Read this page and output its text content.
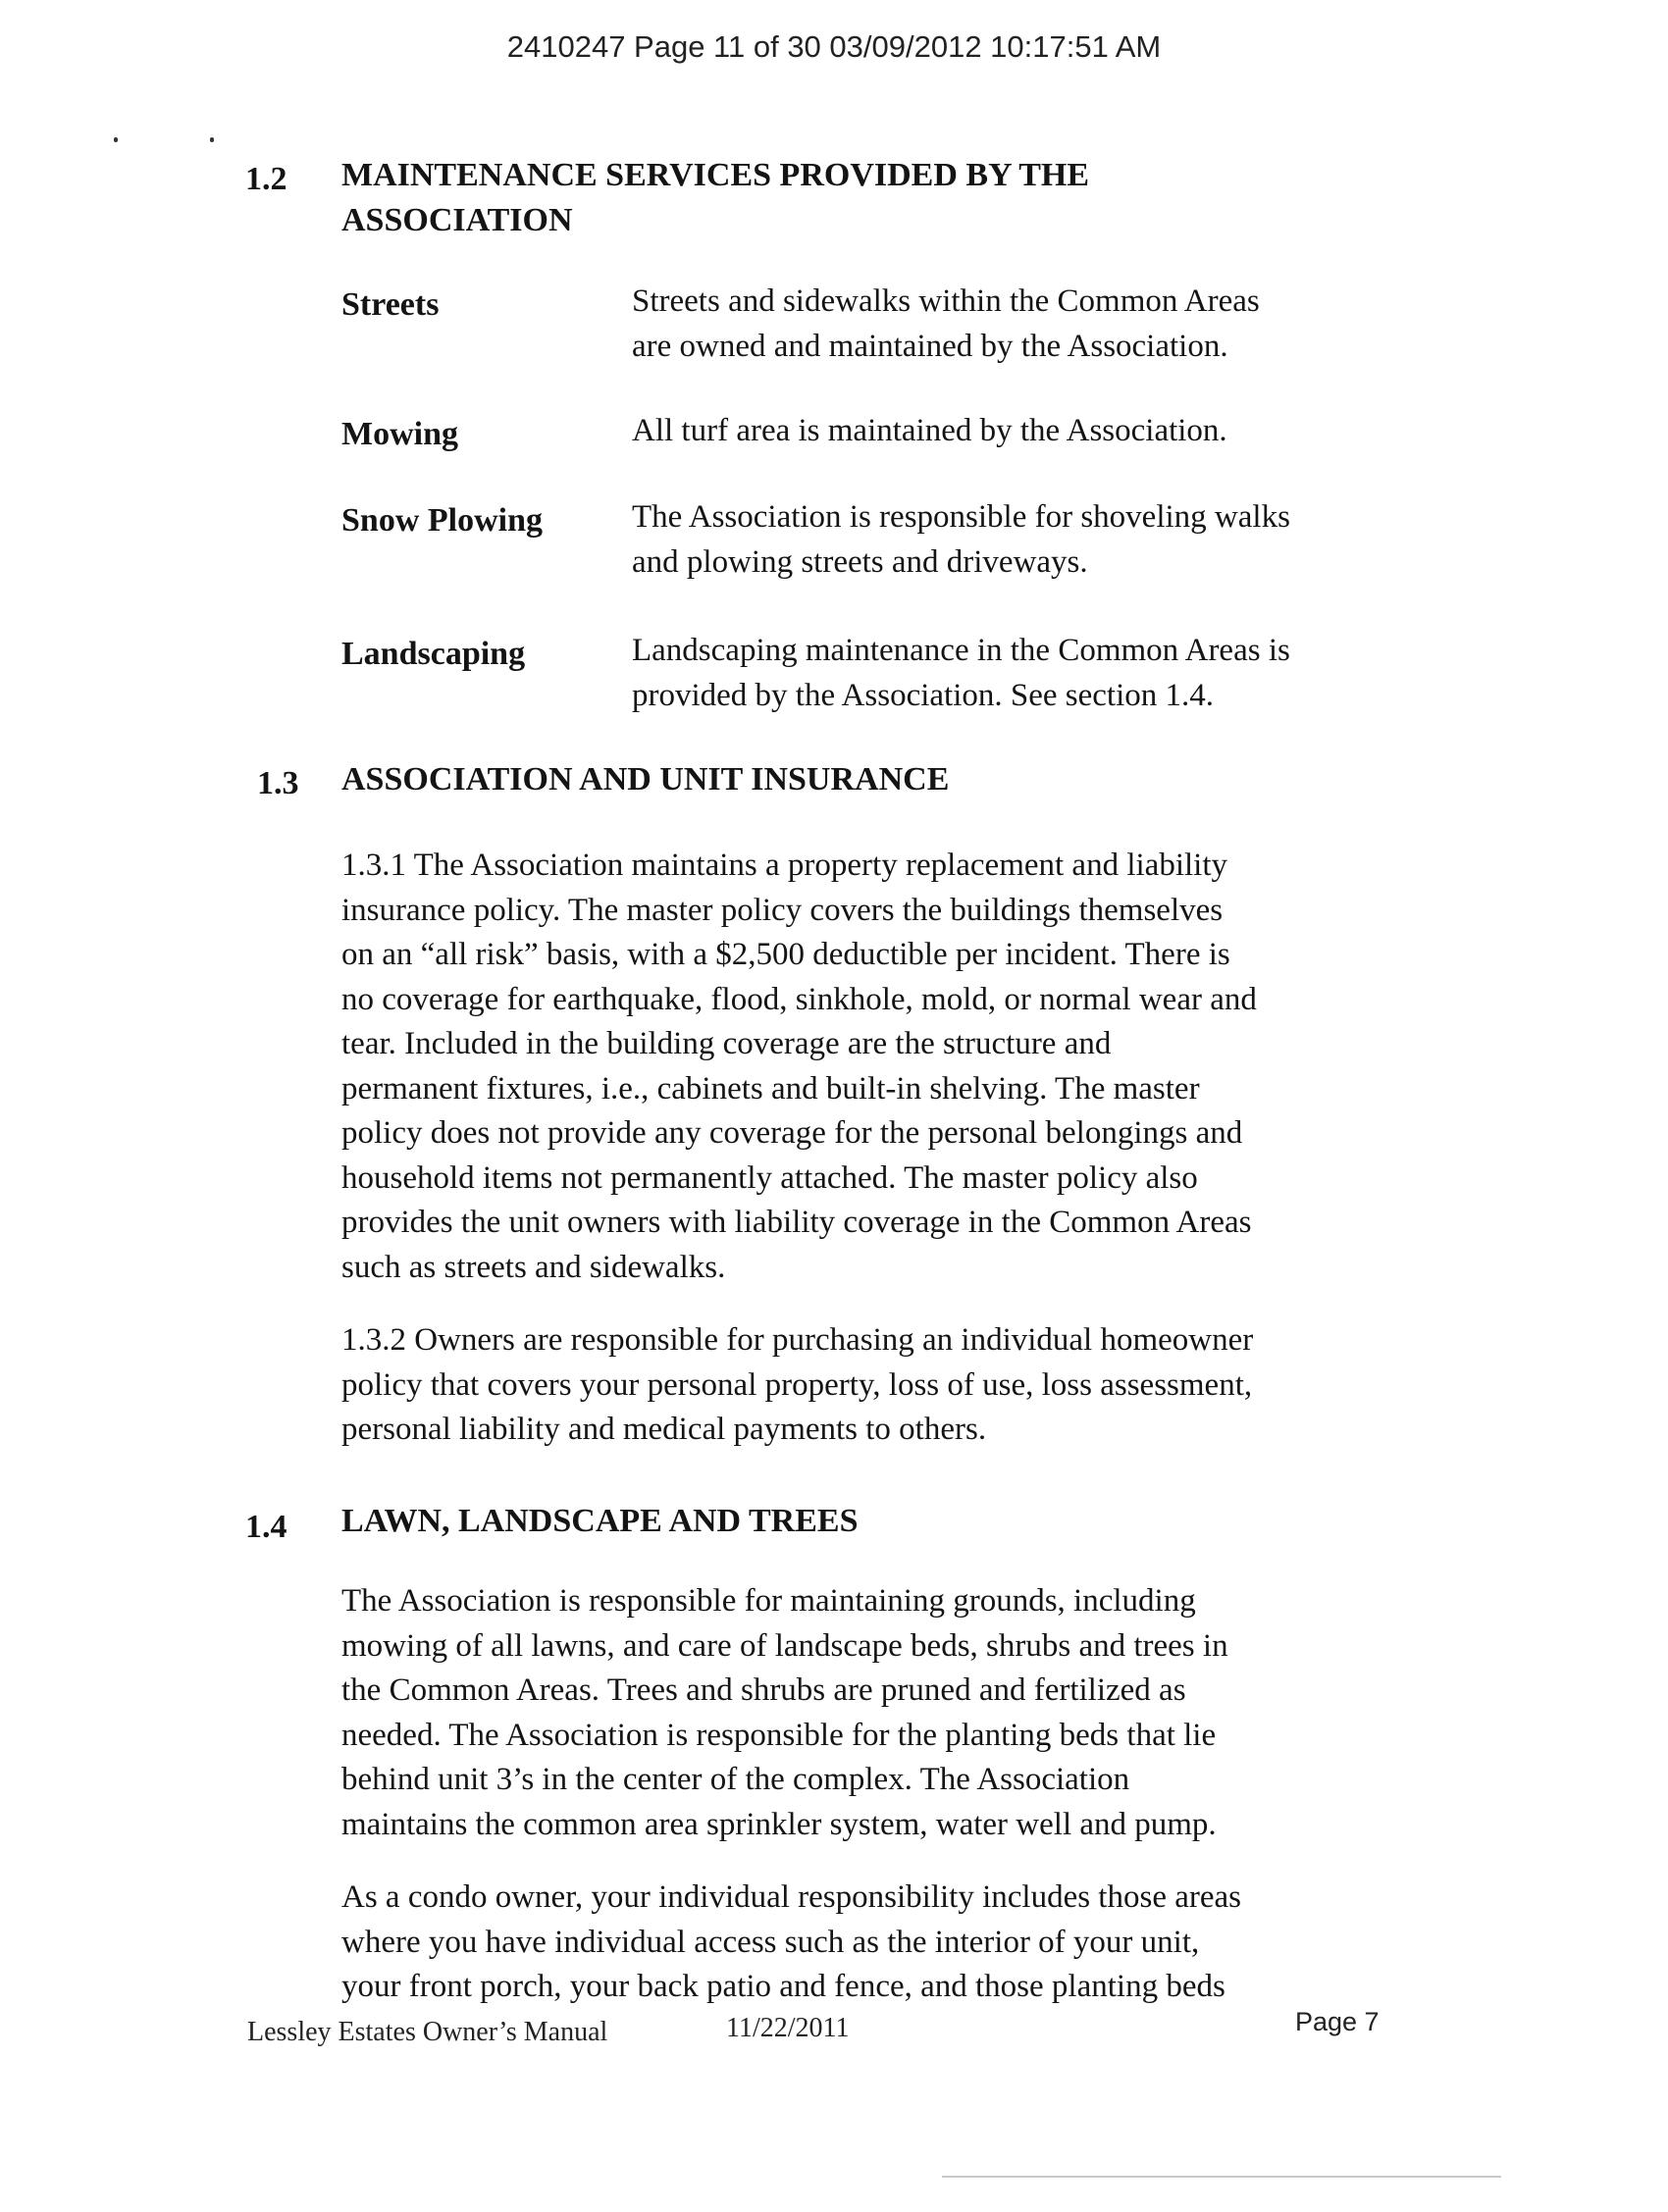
2410247 Page 11 of 30 03/09/2012 10:17:51 AM
1.2 MAINTENANCE SERVICES PROVIDED BY THE
ASSOCIATION
Streets	Streets and sidewalks within the Common Areas
are owned and maintained by the Association.
Mowing	All turf area is maintained by the Association.
Snow Plowing	The Association is responsible for shoveling walks
and plowing streets and driveways.
Landscaping	Landscaping maintenance in the Common Areas is
provided by the Association. See section 1.4.
1.3 ASSOCIATION AND UNIT INSURANCE
1.3.1 The Association maintains a property replacement and liability
insurance policy. The master policy covers the buildings themselves
on an “all risk” basis, with a $2,500 deductible per incident. There is
no coverage for earthquake, flood, sinkhole, mold, or normal wear and
tear. Included in the building coverage are the structure and
permanent fixtures, i.e., cabinets and built-in shelving. The master
policy does not provide any coverage for the personal belongings and
household items not permanently attached. The master policy also
provides the unit owners with liability coverage in the Common Areas
such as streets and sidewalks.
1.3.2 Owners are responsible for purchasing an individual homeowner
policy that covers your personal property, loss of use, loss assessment,
personal liability and medical payments to others.
1.4 LAWN, LANDSCAPE AND TREES
The Association is responsible for maintaining grounds, including
mowing of all lawns, and care of landscape beds, shrubs and trees in
the Common Areas. Trees and shrubs are pruned and fertilized as
needed. The Association is responsible for the planting beds that lie
behind unit 3’s in the center of the complex. The Association
maintains the common area sprinkler system, water well and pump.
As a condo owner, your individual responsibility includes those areas
where you have individual access such as the interior of your unit,
your front porch, your back patio and fence, and those planting beds
Lessley Estates Owner’s Manual	11/22/2011	Page 7
